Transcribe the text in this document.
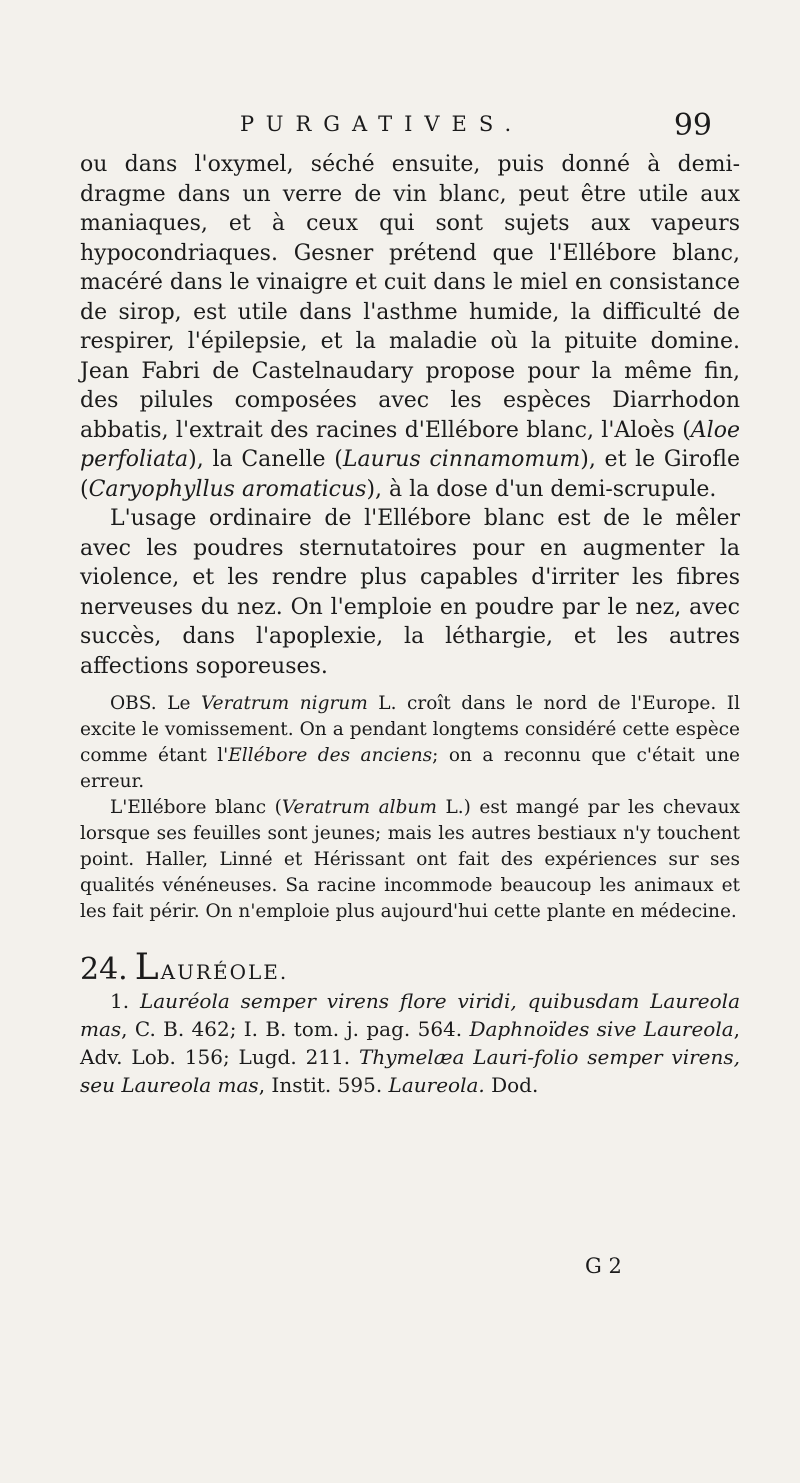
PURGATIVES.	99

ou dans l'oxymel, séché ensuite, puis donné à demi-dragme dans un verre de vin blanc, peut être utile aux maniaques, et à ceux qui sont sujets aux vapeurs hypocondriaques. Gesner prétend que l'Ellébore blanc, macéré dans le vinaigre et cuit dans le miel en consistance de sirop, est utile dans l'asthme humide, la difficulté de respirer, l'épilepsie, et la maladie où la pituite domine. Jean Fabri de Castelnaudary propose pour la même fin, des pilules composées avec les espèces Diarrhodon abbatis, l'extrait des racines d'Ellébore blanc, l'Aloès (Aloe perfoliata), la Canelle (Laurus cinnamomum), et le Girofle (Caryophyllus aromaticus), à la dose d'un demi-scrupule.

L'usage ordinaire de l'Ellébore blanc est de le mêler avec les poudres sternutatoires pour en augmenter la violence, et les rendre plus capables d'irriter les fibres nerveuses du nez. On l'emploie en poudre par le nez, avec succès, dans l'apoplexie, la léthargie, et les autres affections soporeuses.

OBS. Le Veratrum nigrum L. croît dans le nord de l'Europe. Il excite le vomissement. On a pendant longtems considéré cette espèce comme étant l'Ellébore des anciens; on a reconnu que c'était une erreur.

L'Ellébore blanc (Veratrum album L.) est mangé par les chevaux lorsque ses feuilles sont jeunes; mais les autres bestiaux n'y touchent point. Haller, Linné et Hérissant ont fait des expériences sur ses qualités vénéneuses. Sa racine incommode beaucoup les animaux et les fait périr. On n'emploie plus aujourd'hui cette plante en médecine.

24. LAURÉOLE.

1. Lauréola semper virens flore viridi, quibusdam Laureola mas, C. B. 462; I. B. tom. j. pag. 564. Daphnoïdes sive Laureola, Adv. Lob. 156; Lugd. 211. Thymelæa Lauri-folio semper virens, seu Laureola mas, Instit. 595. Laureola. Dod.

G 2
